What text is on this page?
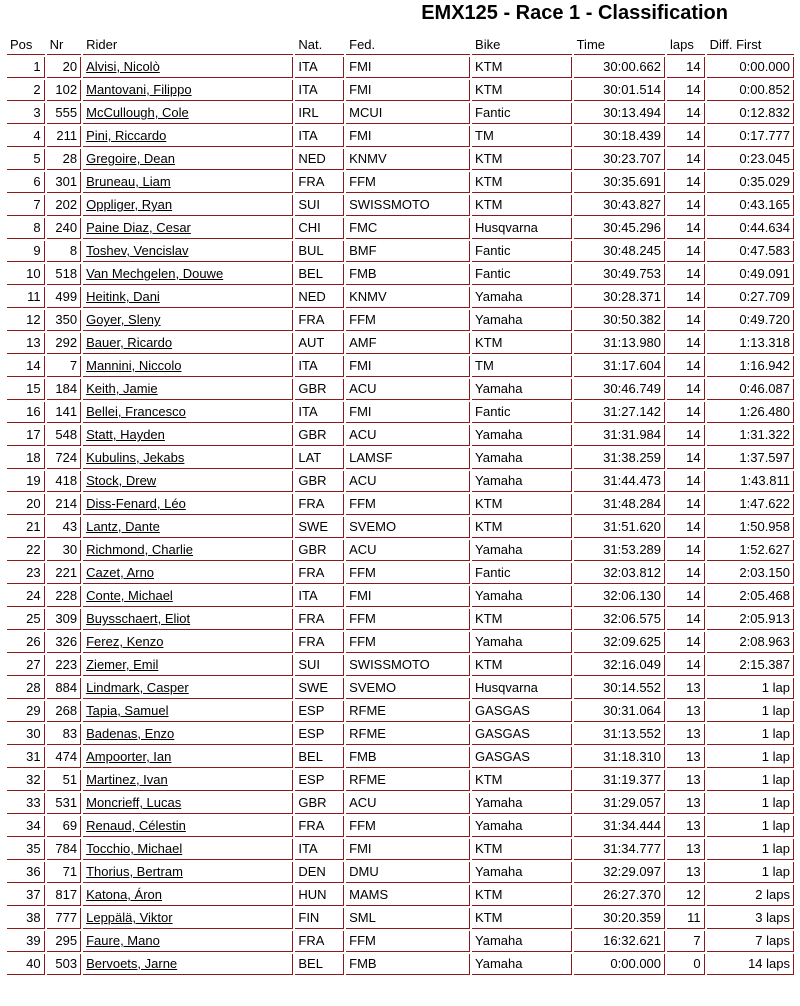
EMX125 - Race 1 - Classification
Pos	Nr	Rider	Nat.	Fed.	Bike	Time	laps	Diff. First
1	20	Alvisi, Nicolò	ITA	FMI	KTM	30:00.662	14	0:00.000
2	102	Mantovani, Filippo	ITA	FMI	KTM	30:01.514	14	0:00.852
3	555	McCullough, Cole	IRL	MCUI	Fantic	30:13.494	14	0:12.832
4	211	Pini, Riccardo	ITA	FMI	TM	30:18.439	14	0:17.777
5	28	Gregoire, Dean	NED	KNMV	KTM	30:23.707	14	0:23.045
6	301	Bruneau, Liam	FRA	FFM	KTM	30:35.691	14	0:35.029
7	202	Oppliger, Ryan	SUI	SWISSMOTO	KTM	30:43.827	14	0:43.165
8	240	Paine Diaz, Cesar	CHI	FMC	Husqvarna	30:45.296	14	0:44.634
9	8	Toshev, Vencislav	BUL	BMF	Fantic	30:48.245	14	0:47.583
10	518	Van Mechgelen, Douwe	BEL	FMB	Fantic	30:49.753	14	0:49.091
11	499	Heitink, Dani	NED	KNMV	Yamaha	30:28.371	14	0:27.709
12	350	Goyer, Sleny	FRA	FFM	Yamaha	30:50.382	14	0:49.720
13	292	Bauer, Ricardo	AUT	AMF	KTM	31:13.980	14	1:13.318
14	7	Mannini, Niccolo	ITA	FMI	TM	31:17.604	14	1:16.942
15	184	Keith, Jamie	GBR	ACU	Yamaha	30:46.749	14	0:46.087
16	141	Bellei, Francesco	ITA	FMI	Fantic	31:27.142	14	1:26.480
17	548	Statt, Hayden	GBR	ACU	Yamaha	31:31.984	14	1:31.322
18	724	Kubulins, Jekabs	LAT	LAMSF	Yamaha	31:38.259	14	1:37.597
19	418	Stock, Drew	GBR	ACU	Yamaha	31:44.473	14	1:43.811
20	214	Diss-Fenard, Léo	FRA	FFM	KTM	31:48.284	14	1:47.622
21	43	Lantz, Dante	SWE	SVEMO	KTM	31:51.620	14	1:50.958
22	30	Richmond, Charlie	GBR	ACU	Yamaha	31:53.289	14	1:52.627
23	221	Cazet, Arno	FRA	FFM	Fantic	32:03.812	14	2:03.150
24	228	Conte, Michael	ITA	FMI	Yamaha	32:06.130	14	2:05.468
25	309	Buysschaert, Eliot	FRA	FFM	KTM	32:06.575	14	2:05.913
26	326	Ferez, Kenzo	FRA	FFM	Yamaha	32:09.625	14	2:08.963
27	223	Ziemer, Emil	SUI	SWISSMOTO	KTM	32:16.049	14	2:15.387
28	884	Lindmark, Casper	SWE	SVEMO	Husqvarna	30:14.552	13	1 lap
29	268	Tapia, Samuel	ESP	RFME	GASGAS	30:31.064	13	1 lap
30	83	Badenas, Enzo	ESP	RFME	GASGAS	31:13.552	13	1 lap
31	474	Ampoorter, Ian	BEL	FMB	GASGAS	31:18.310	13	1 lap
32	51	Martinez, Ivan	ESP	RFME	KTM	31:19.377	13	1 lap
33	531	Moncrieff, Lucas	GBR	ACU	Yamaha	31:29.057	13	1 lap
34	69	Renaud, Célestin	FRA	FFM	Yamaha	31:34.444	13	1 lap
35	784	Tocchio, Michael	ITA	FMI	KTM	31:34.777	13	1 lap
36	71	Thorius, Bertram	DEN	DMU	Yamaha	32:29.097	13	1 lap
37	817	Katona, Áron	HUN	MAMS	KTM	26:27.370	12	2 laps
38	777	Leppälä, Viktor	FIN	SML	KTM	30:20.359	11	3 laps
39	295	Faure, Mano	FRA	FFM	Yamaha	16:32.621	7	7 laps
40	503	Bervoets, Jarne	BEL	FMB	Yamaha	0:00.000	0	14 laps
